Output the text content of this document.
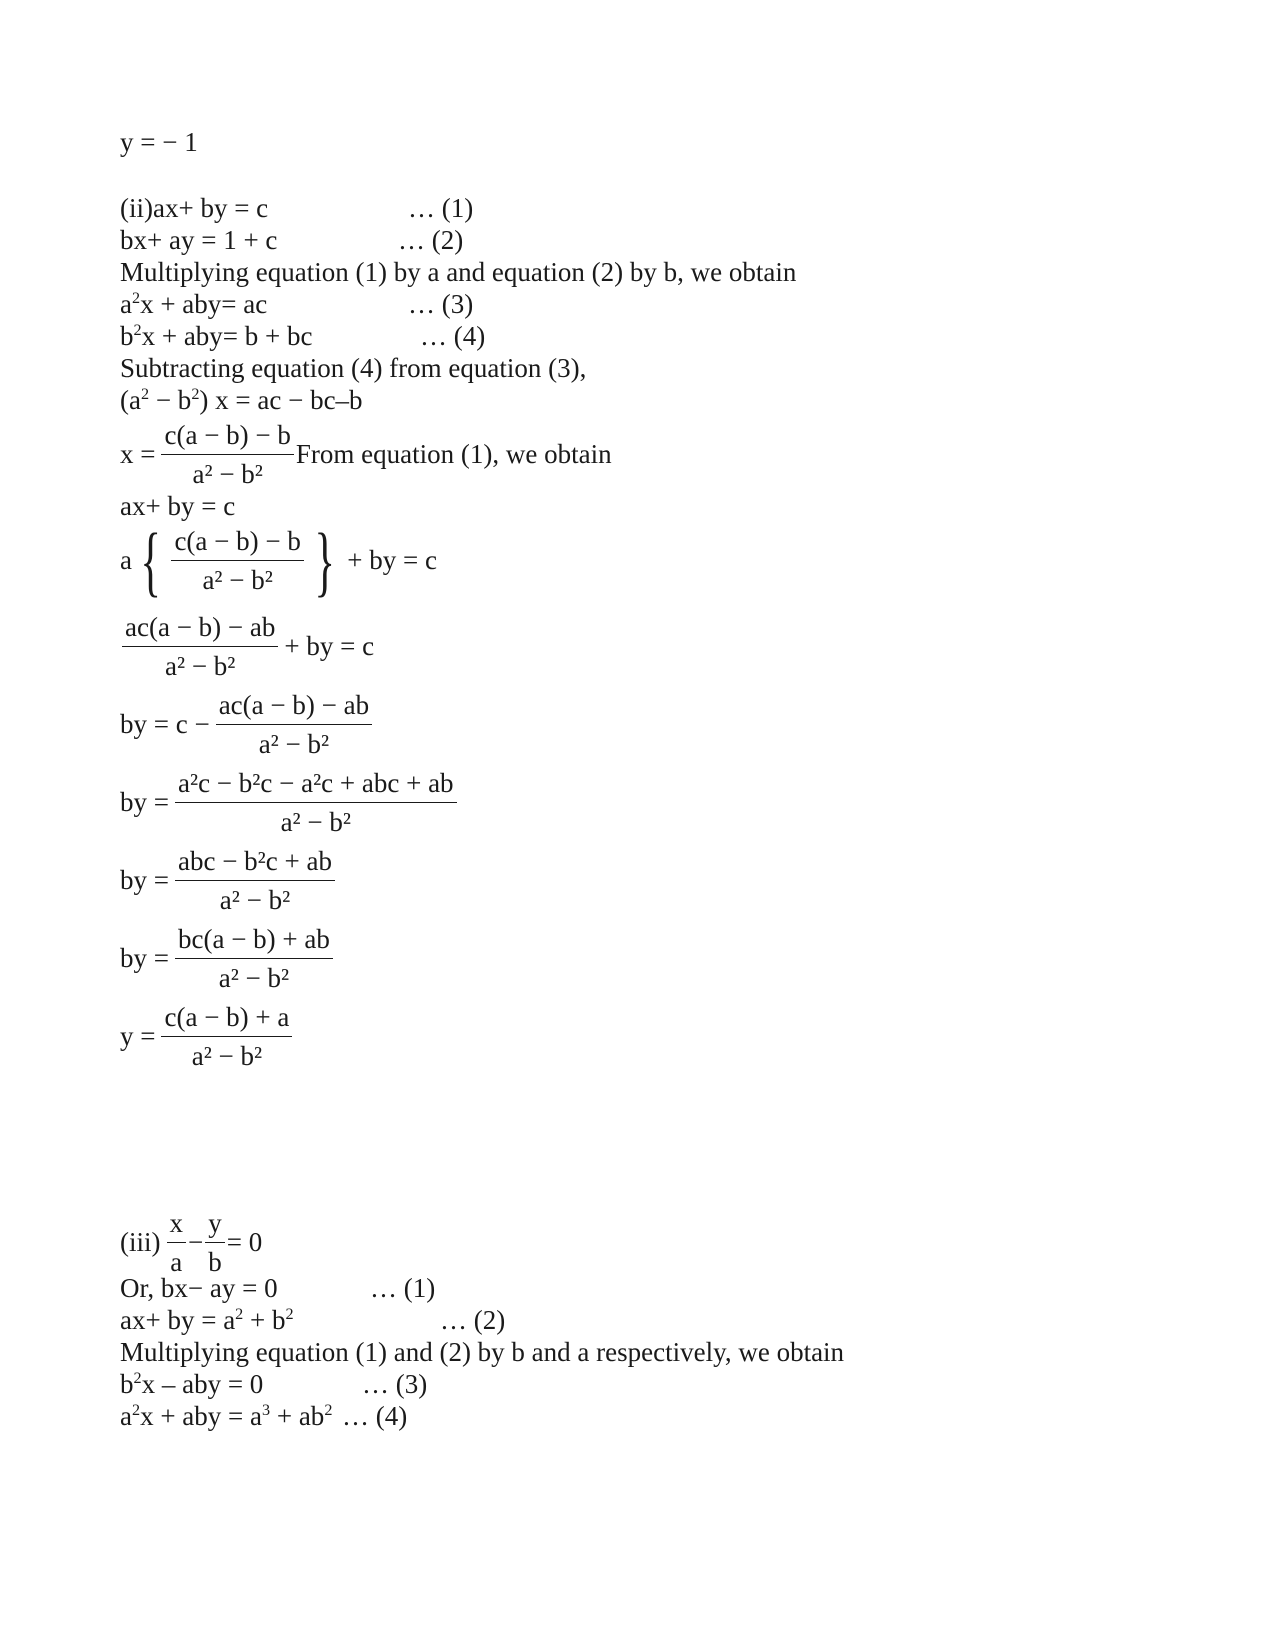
y = − 1
(ii)ax+ by = c	… (1)
bx+ ay = 1 + c	… (2)
Multiplying equation (1) by a and equation (2) by b, we obtain
$a^2x + aby=$ ac	… (3)
$b^2x + aby= b$ + bc	… (4)
Subtracting equation (4) from equation (3),
$(a^2 - b^2) x$ = ac − bc–b
$x = \frac{c(a - b) - b}{\text{a² − b²}}$ From equation (1), we obtain
ax+ by = c
a { $\frac{c(a - b) - b}{\text{a² − b²}}$ } + by = c
$\frac{ac(a - b) - ab}{\text{a² − b²}}$ + by = c
by = $c - \frac{ac(a - b) - ab}{\text{a² − b²}}$
by = $\frac{\text{a²c − b²c − a²c + abc + ab}}{\text{a² − b²}}$
by = $\frac{\text{abc − b²c + ab}}{\text{a² − b²}}$
by = $\frac{bc(a - b) + ab}{\text{a² − b²}}$
$y = \frac{c(a - b) + a}{\text{a² − b²}}$
$(iii) \frac{x}{a} - \frac{y}{b} = 0$
Or, bx− ay = 0	… (1)
ax+ by = $a^2 + b^2$	… (2)
Multiplying equation (1) and (2) by b and a respectively, we obtain
$b^2x$ – aby = 0	… (3)
$a^2x$ + aby = $a^3 + ab^2$ … (4)
